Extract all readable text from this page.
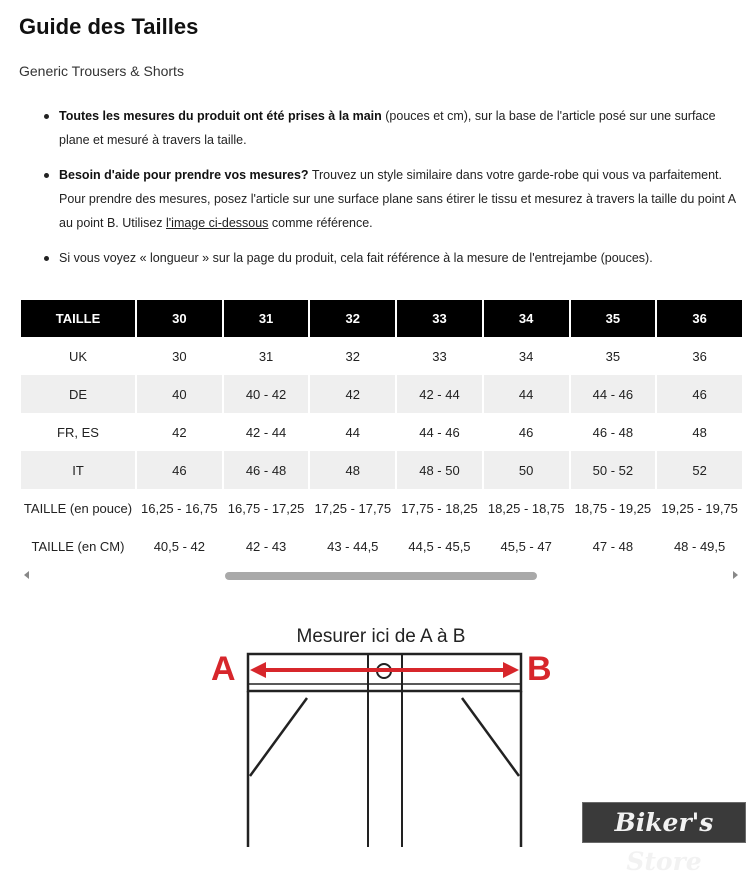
Guide des Tailles

Generic Trousers & Shorts

Toutes les mesures du produit ont été prises à la main (pouces et cm), sur la base de l'article posé sur une surface plane et mesuré à travers la taille.
Besoin d'aide pour prendre vos mesures? Trouvez un style similaire dans votre garde-robe qui vous va parfaitement. Pour prendre des mesures, posez l'article sur une surface plane sans étirer le tissu et mesurez à travers la taille du point A au point B. Utilisez l'image ci-dessous comme référence.
Si vous voyez « longueur » sur la page du produit, cela fait référence à la mesure de l'entrejambe (pouces).
TAILLE	30	31	32	33	34	35	36
UK	30	31	32	33	34	35	36
DE	40	40 - 42	42	42 - 44	44	44 - 46	46
FR, ES	42	42 - 44	44	44 - 46	46	46 - 48	48
IT	46	46 - 48	48	48 - 50	50	50 - 52	52
TAILLE (en pouce)	16,25 - 16,75	16,75 - 17,25	17,25 - 17,75	17,75 - 18,25	18,25 - 18,75	18,75 - 19,25	19,25 - 19,75
TAILLE (en CM)	40,5 - 42	42 - 43	43 - 44,5	44,5 - 45,5	45,5 - 47	47 - 48	48 - 49,5
Mesurer ici de A à B
A	B
Biker's Store
